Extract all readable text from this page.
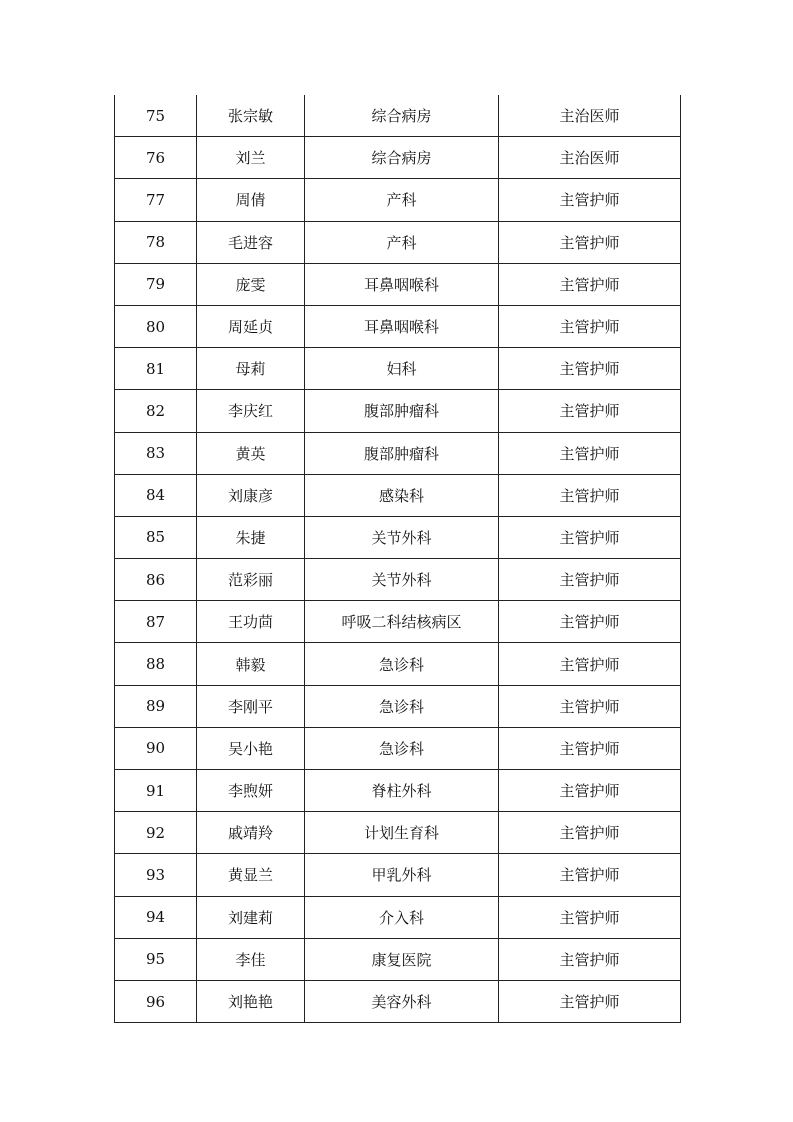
75	张宗敏	综合病房	主治医师
76	刘兰	综合病房	主治医师
77	周倩	产科	主管护师
78	毛进容	产科	主管护师
79	庞雯	耳鼻咽喉科	主管护师
80	周延贞	耳鼻咽喉科	主管护师
81	母莉	妇科	主管护师
82	李庆红	腹部肿瘤科	主管护师
83	黄英	腹部肿瘤科	主管护师
84	刘康彦	感染科	主管护师
85	朱捷	关节外科	主管护师
86	范彩丽	关节外科	主管护师
87	王功茴	呼吸二科结核病区	主管护师
88	韩毅	急诊科	主管护师
89	李刚平	急诊科	主管护师
90	吴小艳	急诊科	主管护师
91	李煦妍	脊柱外科	主管护师
92	戚靖羚	计划生育科	主管护师
93	黄显兰	甲乳外科	主管护师
94	刘建莉	介入科	主管护师
95	李佳	康复医院	主管护师
96	刘艳艳	美容外科	主管护师
